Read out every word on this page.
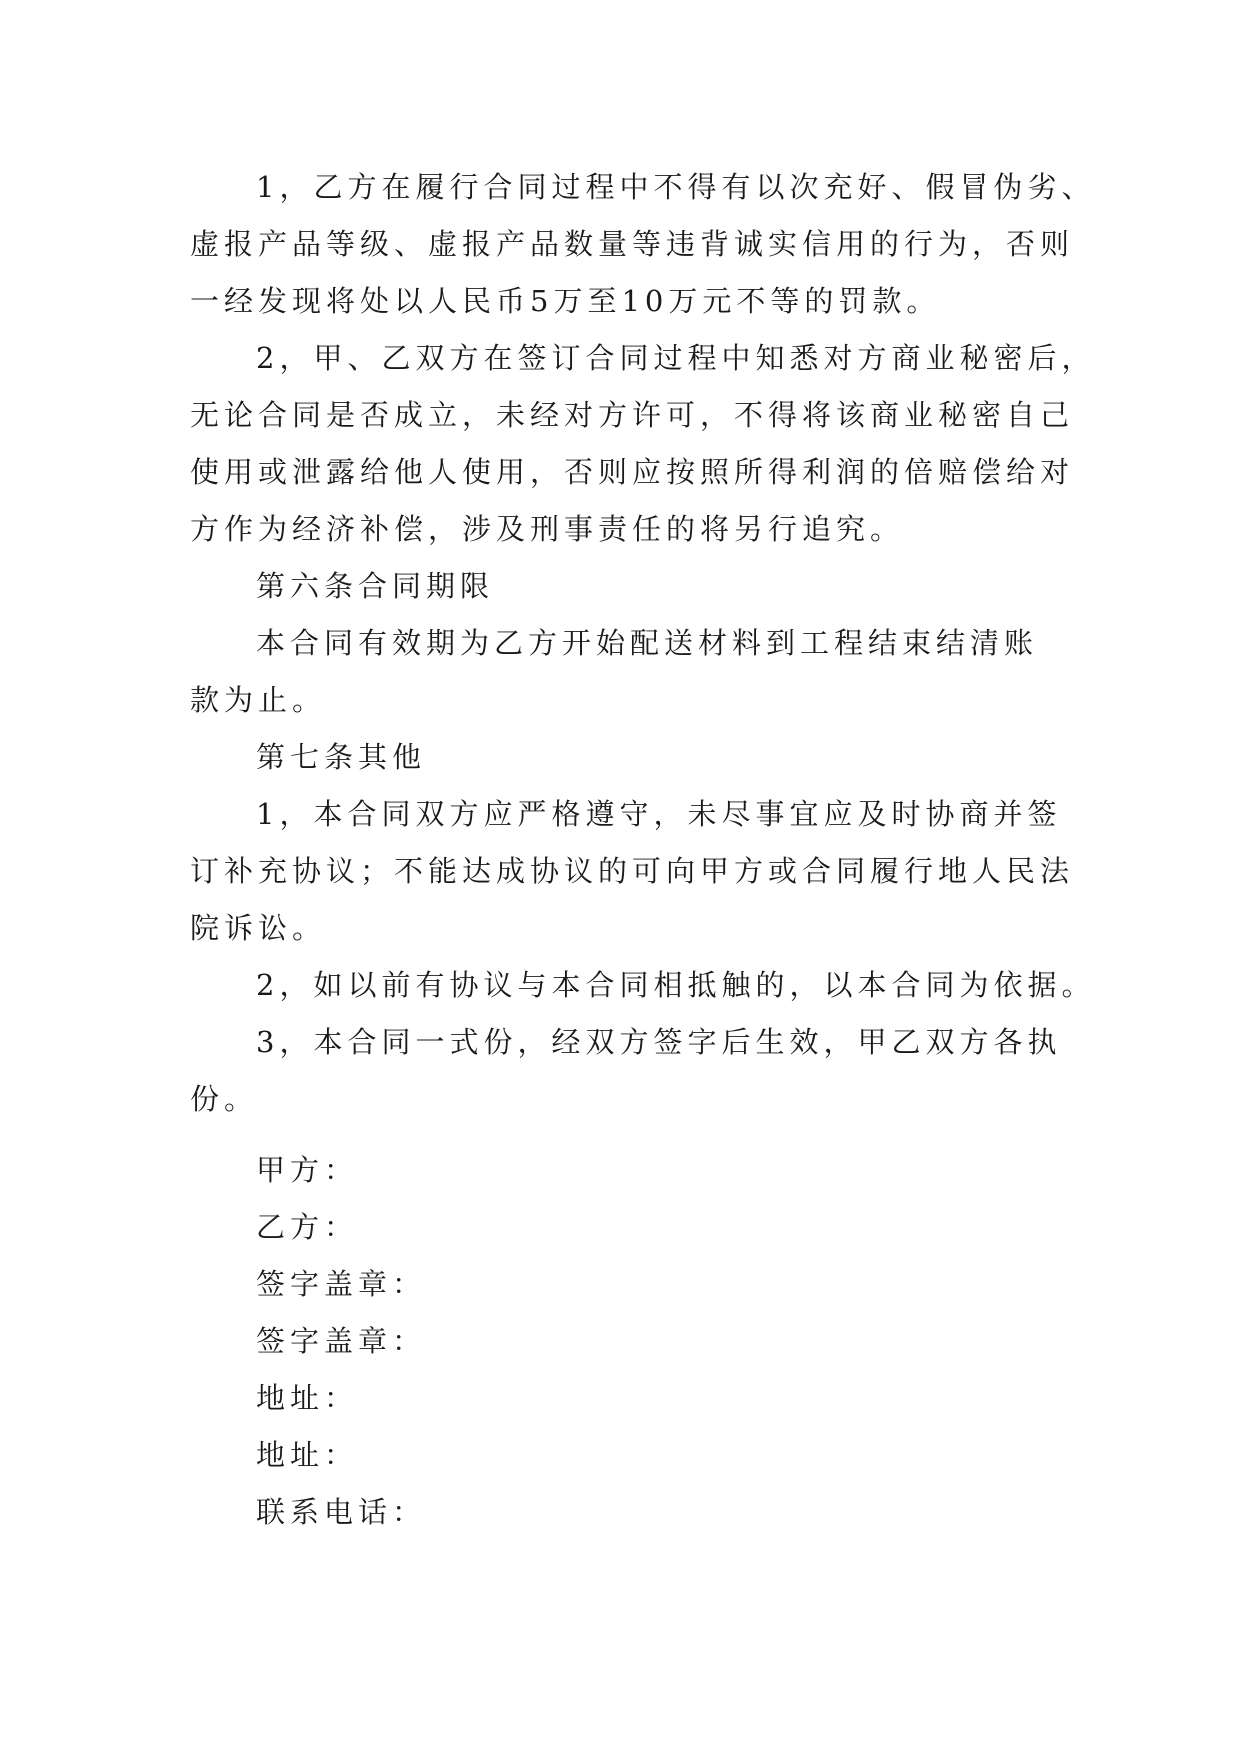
1，乙方在履行合同过程中不得有以次充好、假冒伪劣、
虚报产品等级、虚报产品数量等违背诚实信用的行为，否则
一经发现将处以人民币5万至10万元不等的罚款。
2，甲、乙双方在签订合同过程中知悉对方商业秘密后，
无论合同是否成立，未经对方许可，不得将该商业秘密自己
使用或泄露给他人使用，否则应按照所得利润的倍赔偿给对
方作为经济补偿，涉及刑事责任的将另行追究。
第六条合同期限
本合同有效期为乙方开始配送材料到工程结束结清账
款为止。
第七条其他
1，本合同双方应严格遵守，未尽事宜应及时协商并签
订补充协议；不能达成协议的可向甲方或合同履行地人民法
院诉讼。
2，如以前有协议与本合同相抵触的，以本合同为依据。
3，本合同一式份，经双方签字后生效，甲乙双方各执
份。
甲方：
乙方：
签字盖章：
签字盖章：
地址：
地址：
联系电话：
